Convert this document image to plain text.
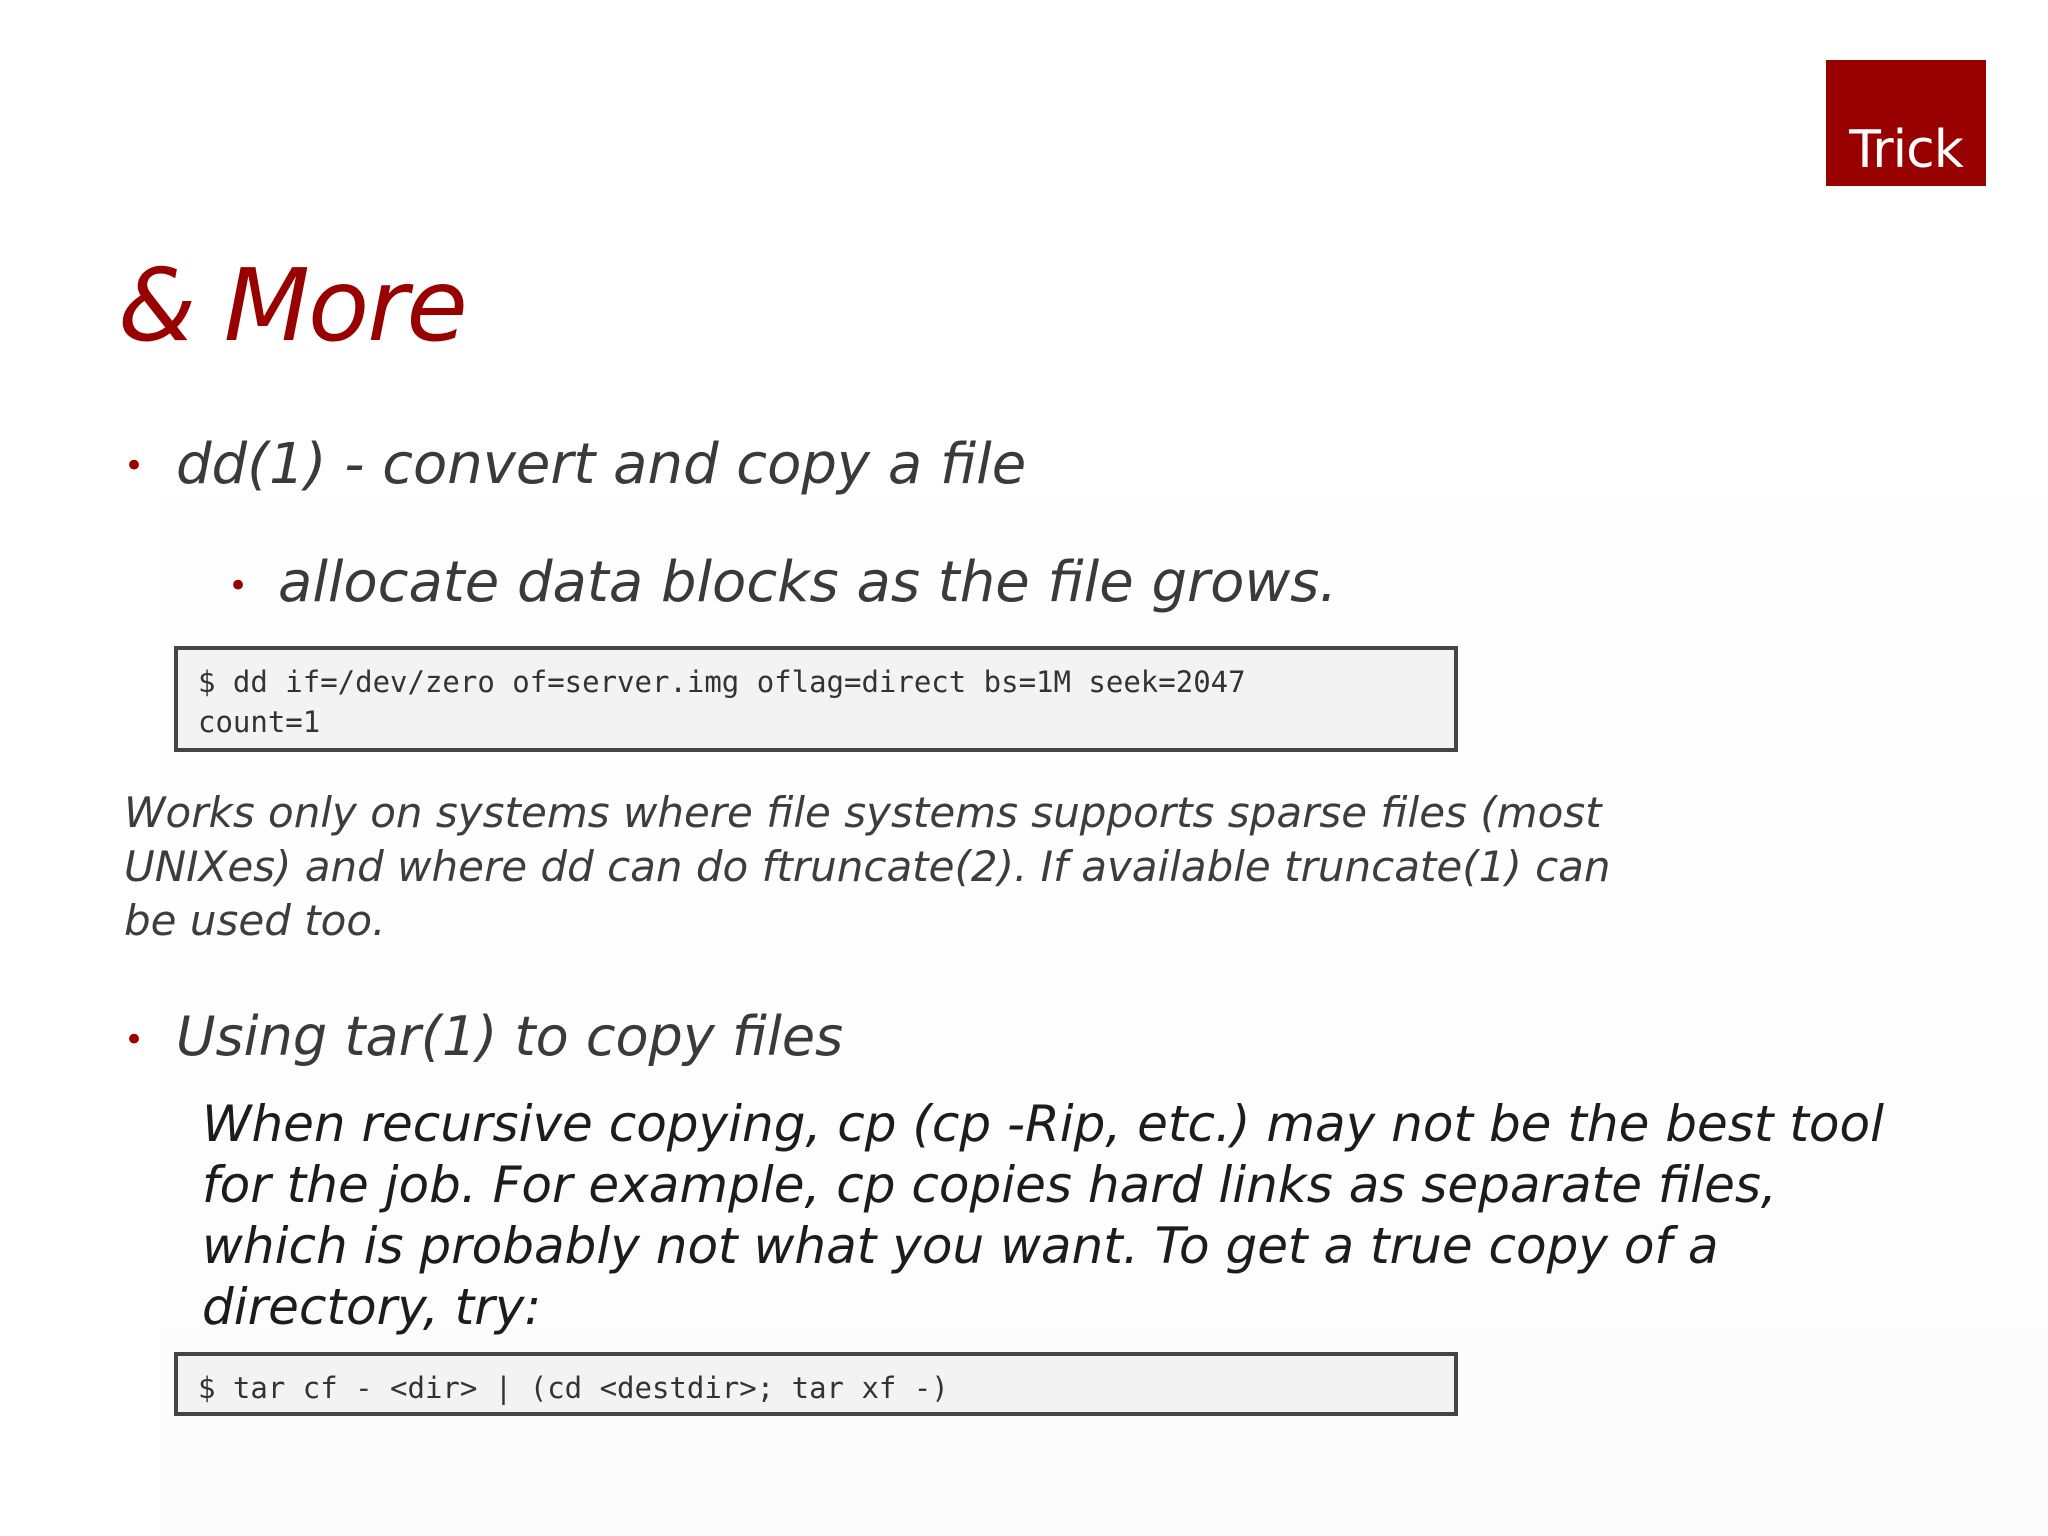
Trick
& More
• dd(1) - convert and copy a file

• allocate data blocks as the file grows.

$ dd if=/dev/zero of=server.img oflag=direct bs=1M seek=2047
count=1
Works only on systems where file systems supports sparse files (most
UNIXes) and where dd can do ftruncate(2). If available truncate(1) can
be used too.
• Using tar(1) to copy files

When recursive copying, cp (cp -Rip, etc.) may not be the best tool
for the job. For example, cp copies hard links as separate files,
which is probably not what you want. To get a true copy of a
directory, try:
$ tar cf - <dir> | (cd <destdir>; tar xf -)
